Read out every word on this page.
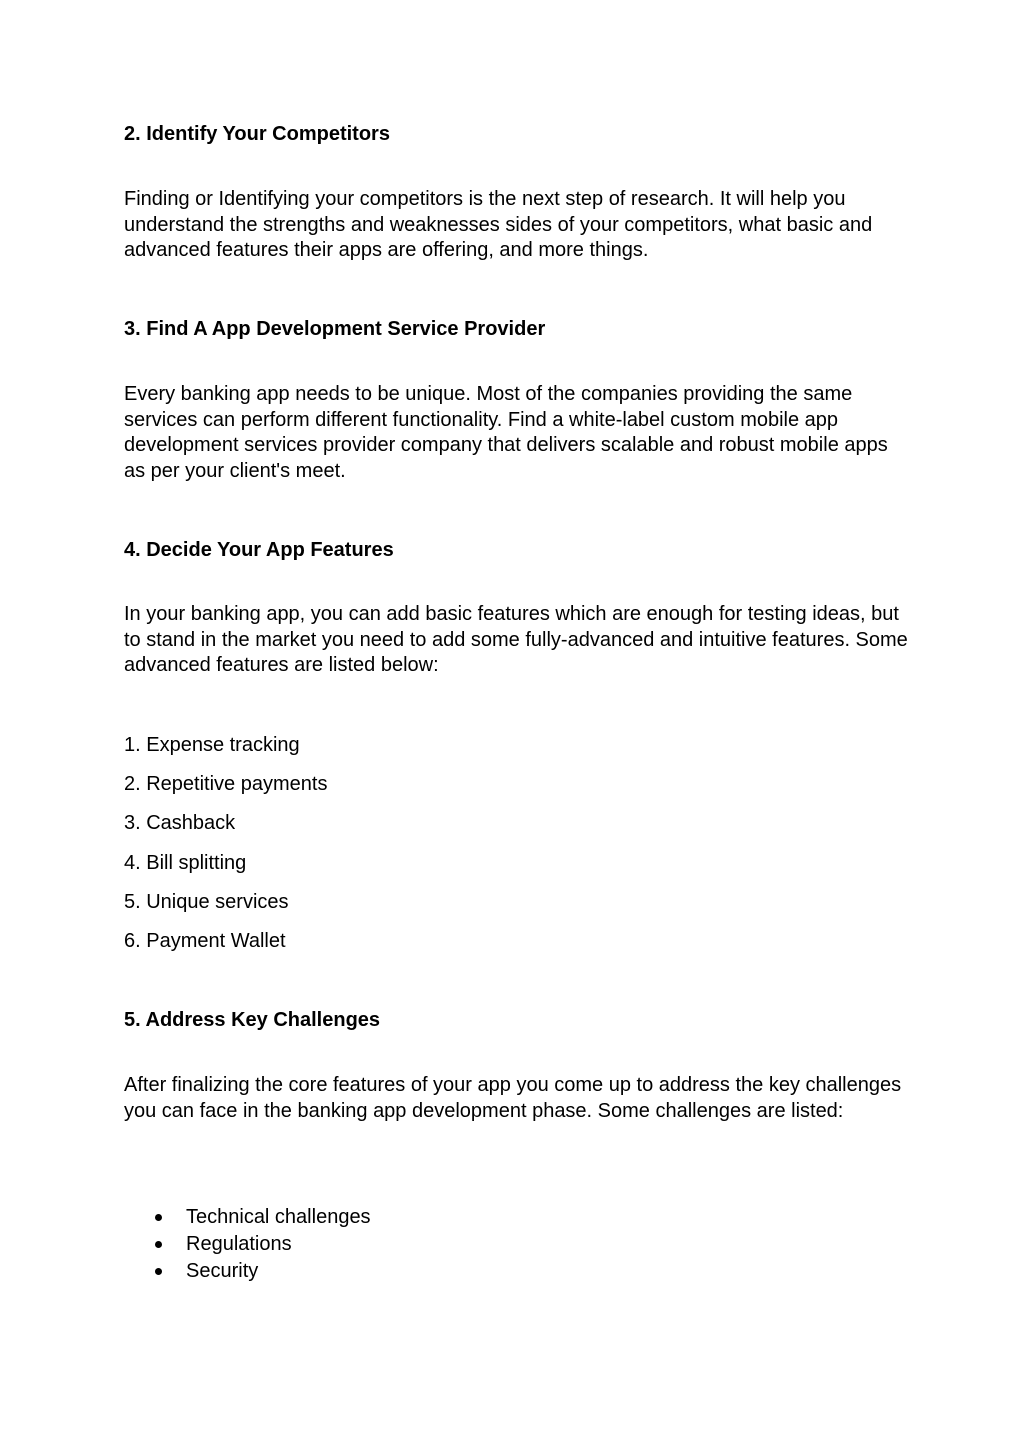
2. Identify Your Competitors

Finding or Identifying your competitors is the next step of research. It will help you understand the strengths and weaknesses sides of your competitors, what basic and advanced features their apps are offering, and more things.

3. Find A App Development Service Provider

Every banking app needs to be unique. Most of the companies providing the same services can perform different functionality. Find a white-label custom mobile app development services provider company that delivers scalable and robust mobile apps as per your client's meet.

4. Decide Your App Features

In your banking app, you can add basic features which are enough for testing ideas, but to stand in the market you need to add some fully-advanced and intuitive features. Some advanced features are listed below:

1. Expense tracking

2. Repetitive payments

3. Cashback

4. Bill splitting

5. Unique services

6. Payment Wallet

5. Address Key Challenges

After finalizing the core features of your app you come up to address the key challenges you can face in the banking app development phase. Some challenges are listed:

Technical challenges
Regulations
Security
